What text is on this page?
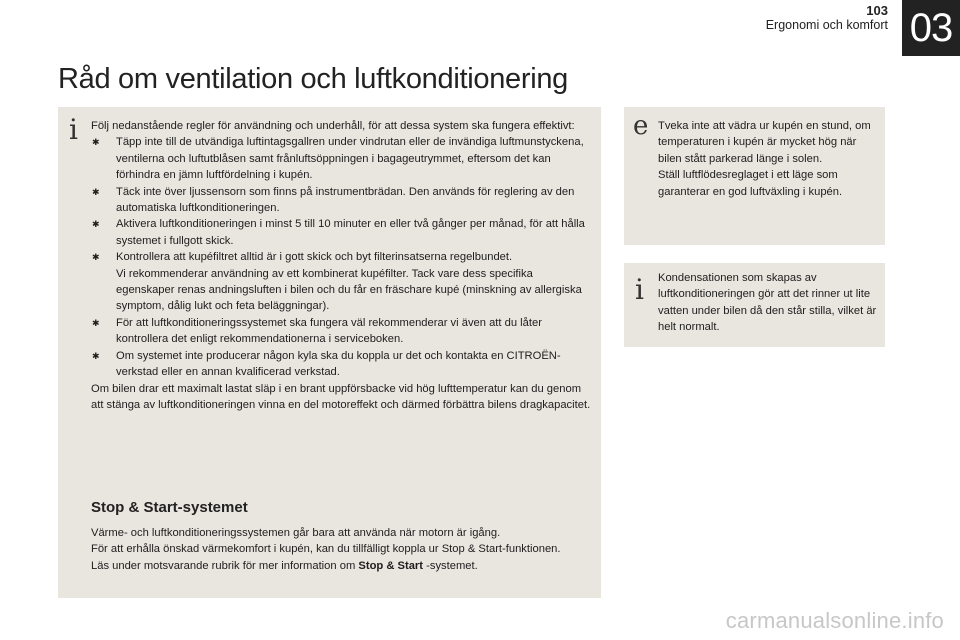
103
Ergonomi och komfort 03
Råd om ventilation och luftkonditionering
i Följ nedanstående regler för användning och underhåll, för att dessa system ska fungera effektivt:

✱ Täpp inte till de utvändiga luftintagsgallren under vindrutan eller de invändiga luftmunstyckena, ventilerna och luftutblåsen samt frånluftsöppningen i bagageutrymmet, eftersom det kan förhindra en jämn luftfördelning i kupén.
✱ Täck inte över ljussensorn som finns på instrumentbrädan. Den används för reglering av den automatiska luftkonditioneringen.
✱ Aktivera luftkonditioneringen i minst 5 till 10 minuter en eller två gånger per månad, för att hålla systemet i fullgott skick.
✱ Kontrollera att kupéfiltret alltid är i gott skick och byt filterinsatserna regelbundet.
Vi rekommenderar användning av ett kombinerat kupéfilter. Tack vare dess specifika egenskaper renas andningsluften i bilen och du får en fräschare kupé (minskning av allergiska symptom, dålig lukt och feta beläggningar).
✱ För att luftkonditioneringssystemet ska fungera väl rekommenderar vi även att du låter kontrollera det enligt rekommendationerna i serviceboken.
✱ Om systemet inte producerar någon kyla ska du koppla ur det och kontakta en CITROËN-verkstad eller en annan kvalificerad verkstad.

Om bilen drar ett maximalt lastat släp i en brant uppförsbacke vid hög lufttemperatur kan du genom att stänga av luftkonditioneringen vinna en del motoreffekt och därmed förbättra bilens dragkapacitet.

Stop & Start-systemet

Värme- och luftkonditioneringssystemen går bara att använda när motorn är igång.

För att erhålla önskad värmekomfort i kupén, kan du tillfälligt koppla ur Stop & Start-funktionen.

Läs under motsvarande rubrik för mer information om Stop & Start -systemet.

e Tveka inte att vädra ur kupén en stund, om temperaturen i kupén är mycket hög när bilen stått parkerad länge i solen.
Ställ luftflödesreglaget i ett läge som garanterar en god luftväxling i kupén.
i Kondensationen som skapas av luftkonditioneringen gör att det rinner ut lite vatten under bilen då den står stilla, vilket är helt normalt.
carmanualsonline.info
